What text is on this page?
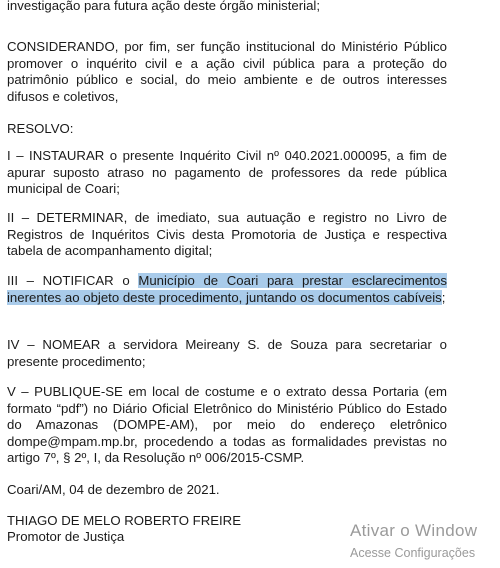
investigação para futura ação deste órgão ministerial;

CONSIDERANDO, por fim, ser função institucional do Ministério Público promover o inquérito civil e a ação civil pública para a proteção do patrimônio público e social, do meio ambiente e de outros interesses difusos e coletivos,

RESOLVO:

I – INSTAURAR o presente Inquérito Civil nº 040.2021.000095, a fim de apurar suposto atraso no pagamento de professores da rede pública municipal de Coari;

II – DETERMINAR, de imediato, sua autuação e registro no Livro de Registros de Inquéritos Civis desta Promotoria de Justiça e respectiva tabela de acompanhamento digital;

III – NOTIFICAR o Município de Coari para prestar esclarecimentos inerentes ao objeto deste procedimento, juntando os documentos cabíveis;

IV – NOMEAR a servidora Meireany S. de Souza para secretariar o presente procedimento;

V – PUBLIQUE-SE em local de costume e o extrato dessa Portaria (em formato “pdf”) no Diário Oficial Eletrônico do Ministério Público do Estado do Amazonas (DOMPE-AM), por meio do endereço eletrônico dompe@mpam.mp.br, procedendo a todas as formalidades previstas no artigo 7º, § 2º, I, da Resolução nº 006/2015-CSMP.

Coari/AM, 04 de dezembro de 2021.

THIAGO DE MELO ROBERTO FREIRE

Promotor de Justiça	Ativar o Window
Acesse Configurações
